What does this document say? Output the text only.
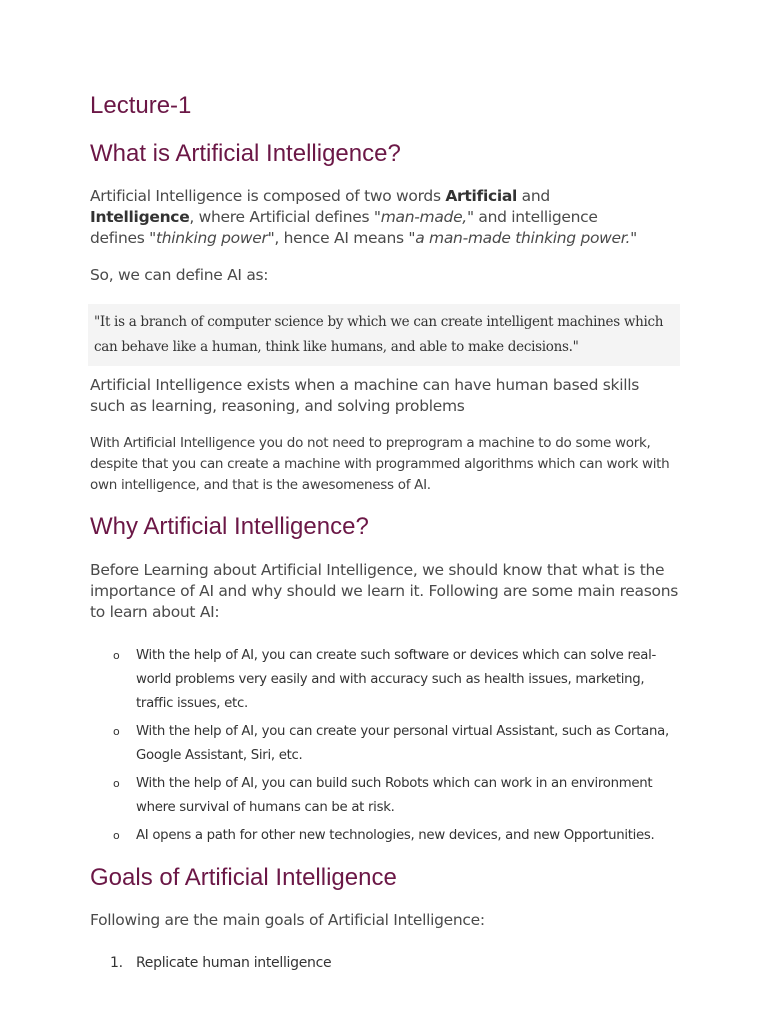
Lecture-1
What is Artificial Intelligence?

Artificial Intelligence is composed of two words Artificial and Intelligence, where Artificial defines "man-made," and intelligence defines "thinking power", hence AI means "a man-made thinking power."

So, we can define AI as:

"It is a branch of computer science by which we can create intelligent machines which can behave like a human, think like humans, and able to make decisions."

Artificial Intelligence exists when a machine can have human based skills such as learning, reasoning, and solving problems

With Artificial Intelligence you do not need to preprogram a machine to do some work, despite that you can create a machine with programmed algorithms which can work with own intelligence, and that is the awesomeness of AI.

Why Artificial Intelligence?

Before Learning about Artificial Intelligence, we should know that what is the importance of AI and why should we learn it. Following are some main reasons to learn about AI:

o With the help of AI, you can create such software or devices which can solve real-world problems very easily and with accuracy such as health issues, marketing, traffic issues, etc.
o With the help of AI, you can create your personal virtual Assistant, such as Cortana, Google Assistant, Siri, etc.
o With the help of AI, you can build such Robots which can work in an environment where survival of humans can be at risk.
o AI opens a path for other new technologies, new devices, and new Opportunities.
Goals of Artificial Intelligence

Following are the main goals of Artificial Intelligence:

1. Replicate human intelligence
